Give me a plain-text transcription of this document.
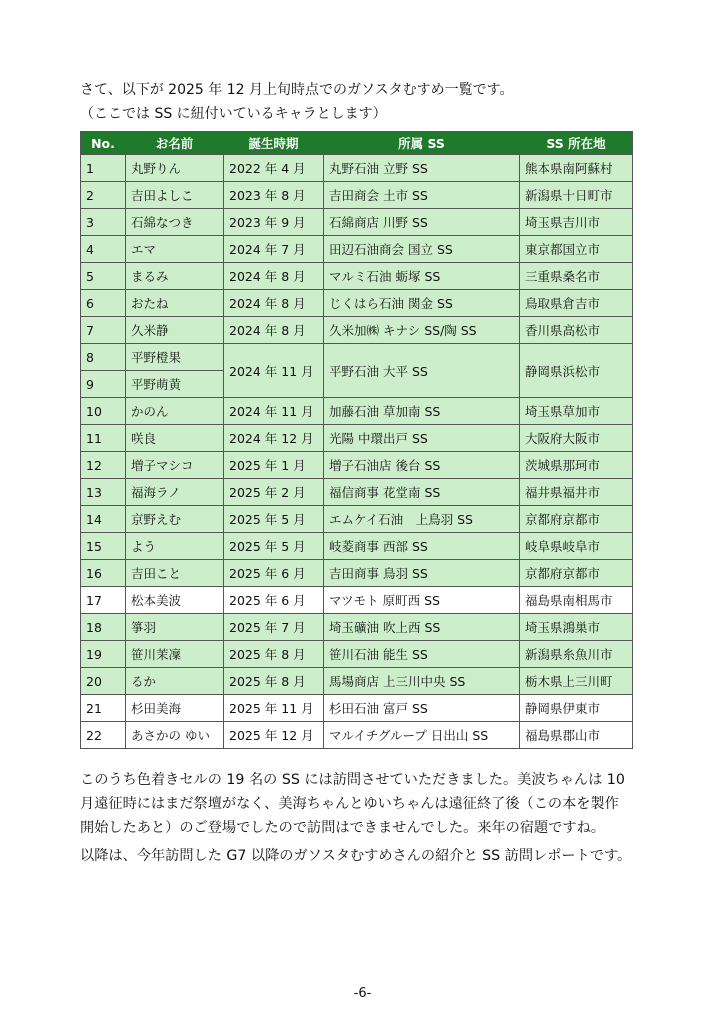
さて、以下が 2025 年 12 月上旬時点でのガソスタむすめ一覧です。
（ここでは SS に紐付いているキャラとします）
No.	お名前	誕生時期	所属 SS	SS 所在地
1	丸野りん	2022 年 4 月	丸野石油 立野 SS	熊本県南阿蘇村
2	吉田よしこ	2023 年 8 月	吉田商会 土市 SS	新潟県十日町市
3	石綿なつき	2023 年 9 月	石綿商店 川野 SS	埼玉県吉川市
4	エマ	2024 年 7 月	田辺石油商会 国立 SS	東京都国立市
5	まるみ	2024 年 8 月	マルミ石油 蛎塚 SS	三重県桑名市
6	おたね	2024 年 8 月	じくはら石油 関金 SS	鳥取県倉吉市
7	久米静	2024 年 8 月	久米加㈱ キナシ SS/陶 SS	香川県高松市
8	平野橙果	2024 年 11 月	平野石油 大平 SS	静岡県浜松市
9	平野萌黄			
10	かのん	2024 年 11 月	加藤石油 草加南 SS	埼玉県草加市
11	咲良	2024 年 12 月	光陽 中環出戸 SS	大阪府大阪市
12	増子マシコ	2025 年 1 月	増子石油店 後台 SS	茨城県那珂市
13	福海ラノ	2025 年 2 月	福信商事 花堂南 SS	福井県福井市
14	京野えむ	2025 年 5 月	エムケイ石油　上鳥羽 SS	京都府京都市
15	よう	2025 年 5 月	岐菱商事 西部 SS	岐阜県岐阜市
16	吉田こと	2025 年 6 月	吉田商事 鳥羽 SS	京都府京都市
17	松本美波	2025 年 6 月	マツモト 原町西 SS	福島県南相馬市
18	箏羽	2025 年 7 月	埼玉礦油 吹上西 SS	埼玉県鴻巣市
19	笹川茉凜	2025 年 8 月	笹川石油 能生 SS	新潟県糸魚川市
20	るか	2025 年 8 月	馬場商店 上三川中央 SS	栃木県上三川町
21	杉田美海	2025 年 11 月	杉田石油 富戸 SS	静岡県伊東市
22	あさかの ゆい	2025 年 12 月	マルイチグループ 日出山 SS	福島県郡山市
このうち色着きセルの 19 名の SS には訪問させていただきました。美波ちゃんは 10
月遠征時にはまだ祭壇がなく、美海ちゃんとゆいちゃんは遠征終了後（この本を製作
開始したあと）のご登場でしたので訪問はできませんでした。来年の宿題ですね。
以降は、今年訪問した G7 以降のガソスタむすめさんの紹介と SS 訪問レポートです。
-6-
